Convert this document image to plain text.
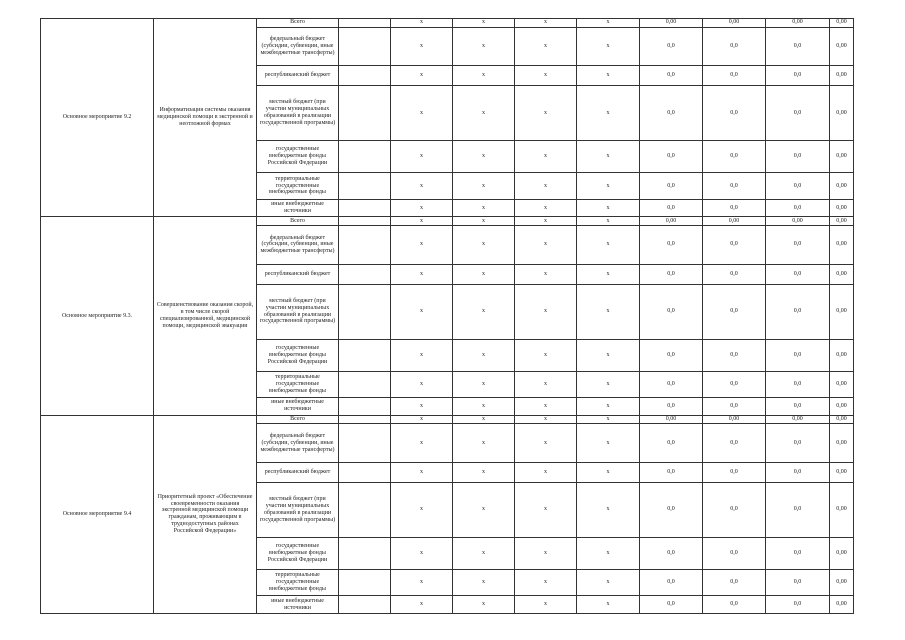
Основное мероприятие 9.2	Информатизация системы оказания медицинской помощи в экстренной и неотложной формах	Всего		х	х	х	х	0,00	0,00	0,00	0,00
		федеральный бюджет (субсидии, субвенции, иные межбюджетные трансферты)		х	х	х	х	0,0	0,0	0,0	0,00
		республиканский бюджет		х	х	х	х	0,0	0,0	0,0	0,00
		местный бюджет (при участии муниципальных образований в реализации государственной программы)		х	х	х	х	0,0	0,0	0,0	0,00
		государственные внебюджетные фонды Российской Федерации		х	х	х	х	0,0	0,0	0,0	0,00
		территориальные государственные внебюджетные фонды		х	х	х	х	0,0	0,0	0,0	0,00
		иные внебюджетные источники		х	х	х	х	0,0	0,0	0,0	0,00
Основное мероприятие 9.3.	Совершенствование оказания скорой, в том числе скорой специализированной, медицинской помощи, медицинской эвакуации	Всего		х	х	х	х	0,00	0,00	0,00	0,00
		федеральный бюджет (субсидии, субвенции, иные межбюджетные трансферты)		х	х	х	х	0,0	0,0	0,0	0,00
		республиканский бюджет		х	х	х	х	0,0	0,0	0,0	0,00
		местный бюджет (при участии муниципальных образований в реализации государственной программы)		х	х	х	х	0,0	0,0	0,0	0,00
		государственные внебюджетные фонды Российской Федерации		х	х	х	х	0,0	0,0	0,0	0,00
		территориальные государственные внебюджетные фонды		х	х	х	х	0,0	0,0	0,0	0,00
		иные внебюджетные источники		х	х	х	х	0,0	0,0	0,0	0,00
Основное мероприятие 9.4	Приоритетный проект «Обеспечение своевременности оказания экстренной медицинской помощи гражданам, проживающим в труднодоступных районах Российской Федерации»	Всего		х	х	х	х	0,00	0,00	0,00	0,00
		федеральный бюджет (субсидии, субвенции, иные межбюджетные трансферты)		х	х	х	х	0,0	0,0	0,0	0,00
		республиканский бюджет		х	х	х	х	0,0	0,0	0,0	0,00
		местный бюджет (при участии муниципальных образований в реализации государственной программы)		х	х	х	х	0,0	0,0	0,0	0,00
		государственные внебюджетные фонды Российской Федерации		х	х	х	х	0,0	0,0	0,0	0,00
		территориальные государственные внебюджетные фонды		х	х	х	х	0,0	0,0	0,0	0,00
		иные внебюджетные источники		х	х	х	х	0,0	0,0	0,0	0,00
